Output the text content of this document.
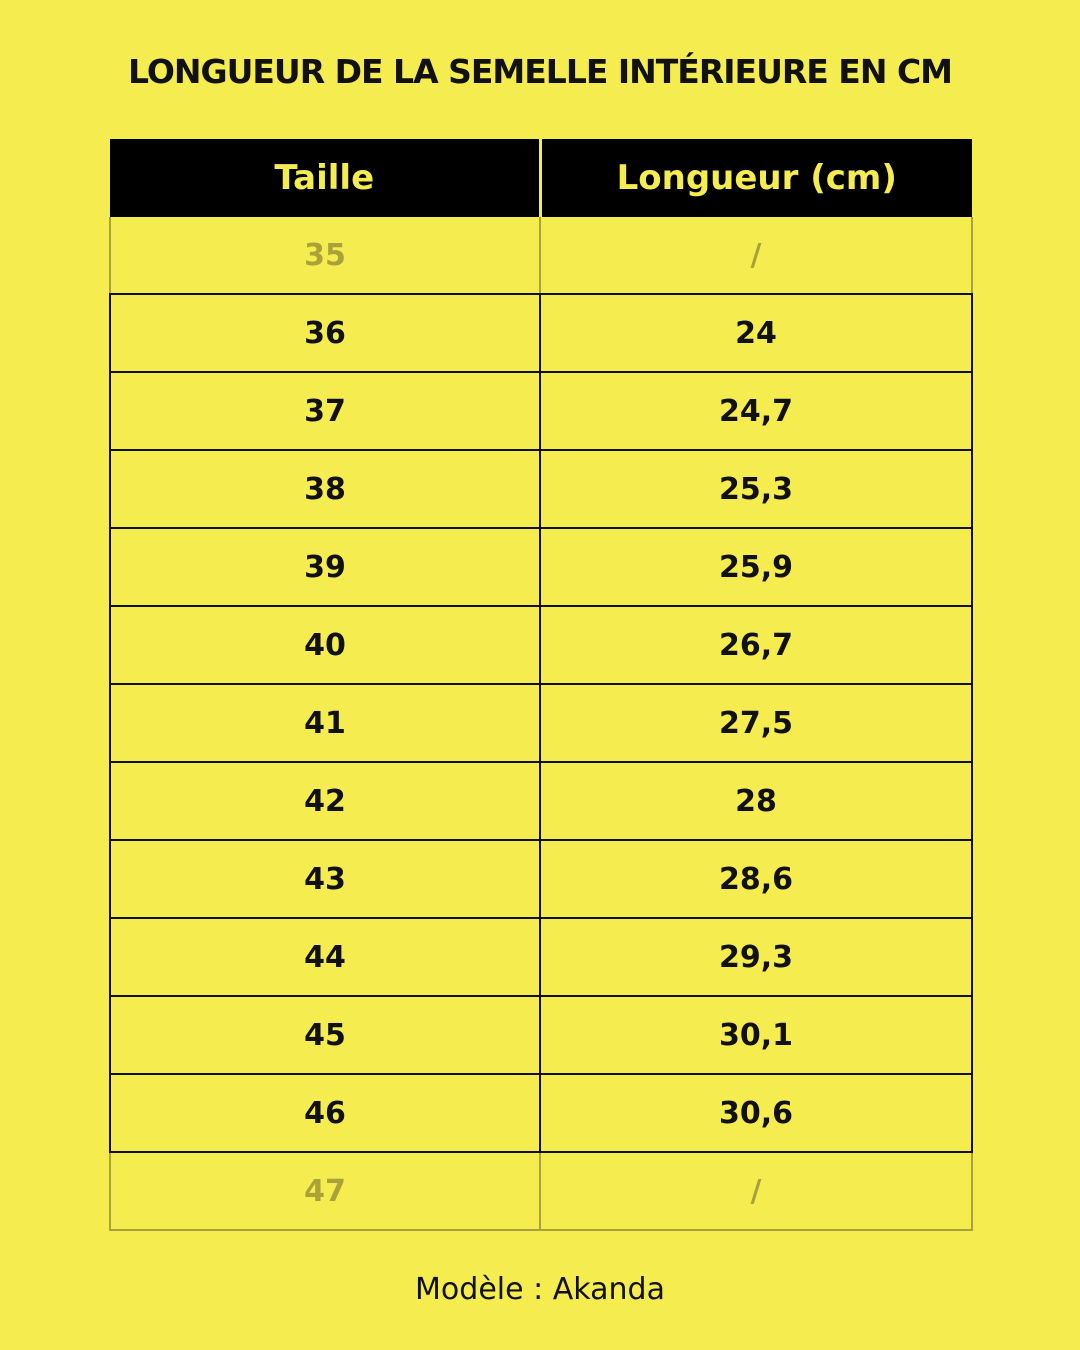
LONGUEUR DE LA SEMELLE INTÉRIEURE EN CM
Taille	Longueur (cm)
35	/
36	24
37	24,7
38	25,3
39	25,9
40	26,7
41	27,5
42	28
43	28,6
44	29,3
45	30,1
46	30,6
47	/
Modèle : Akanda
